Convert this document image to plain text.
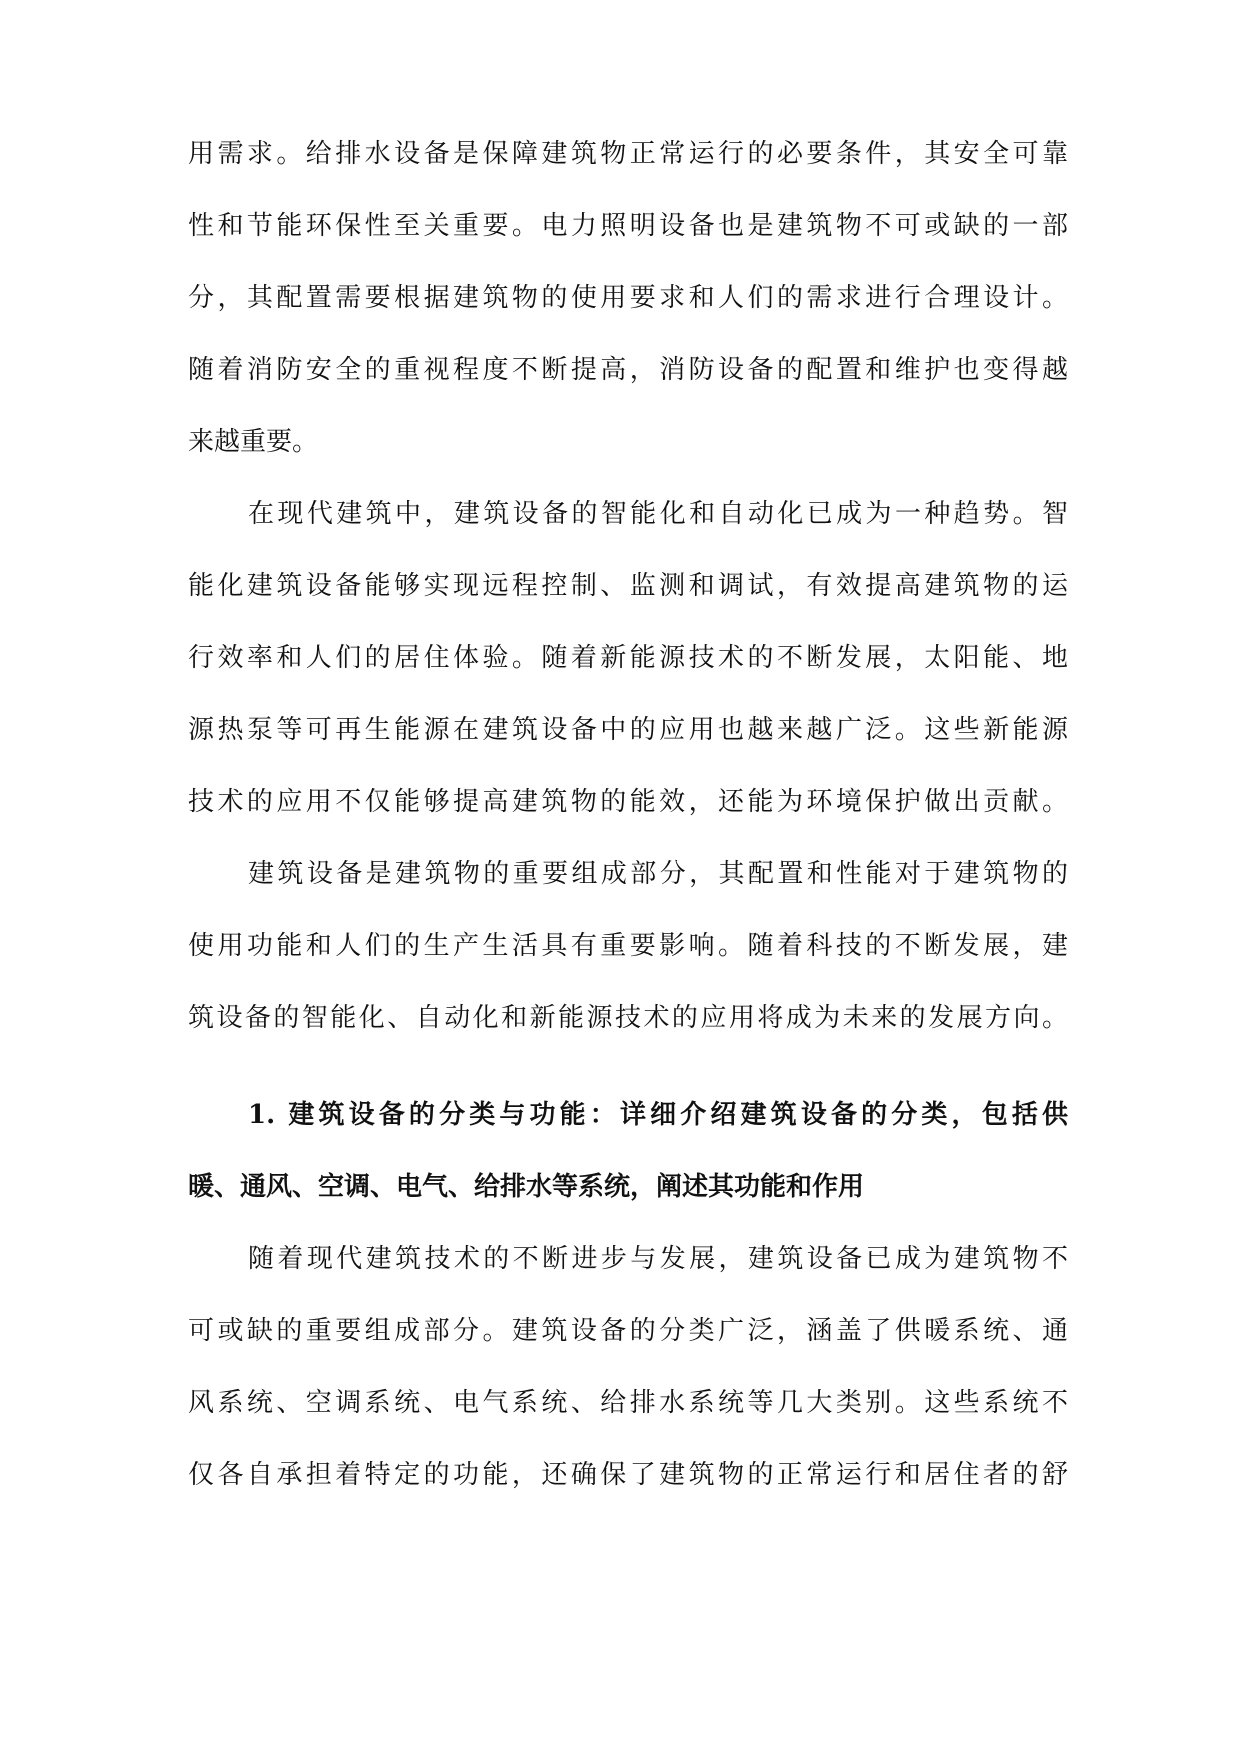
用需求。给排水设备是保障建筑物正常运行的必要条件，其安全可靠

性和节能环保性至关重要。电力照明设备也是建筑物不可或缺的一部

分，其配置需要根据建筑物的使用要求和人们的需求进行合理设计。

随着消防安全的重视程度不断提高，消防设备的配置和维护也变得越

来越重要。

在现代建筑中，建筑设备的智能化和自动化已成为一种趋势。智

能化建筑设备能够实现远程控制、监测和调试，有效提高建筑物的运

行效率和人们的居住体验。随着新能源技术的不断发展，太阳能、地

源热泵等可再生能源在建筑设备中的应用也越来越广泛。这些新能源

技术的应用不仅能够提高建筑物的能效，还能为环境保护做出贡献。

建筑设备是建筑物的重要组成部分，其配置和性能对于建筑物的

使用功能和人们的生产生活具有重要影响。随着科技的不断发展，建

筑设备的智能化、自动化和新能源技术的应用将成为未来的发展方向。

1. 建筑设备的分类与功能：详细介绍建筑设备的分类，包括供

暖、通风、空调、电气、给排水等系统，阐述其功能和作用

随着现代建筑技术的不断进步与发展，建筑设备已成为建筑物不

可或缺的重要组成部分。建筑设备的分类广泛，涵盖了供暖系统、通

风系统、空调系统、电气系统、给排水系统等几大类别。这些系统不

仅各自承担着特定的功能，还确保了建筑物的正常运行和居住者的舒
